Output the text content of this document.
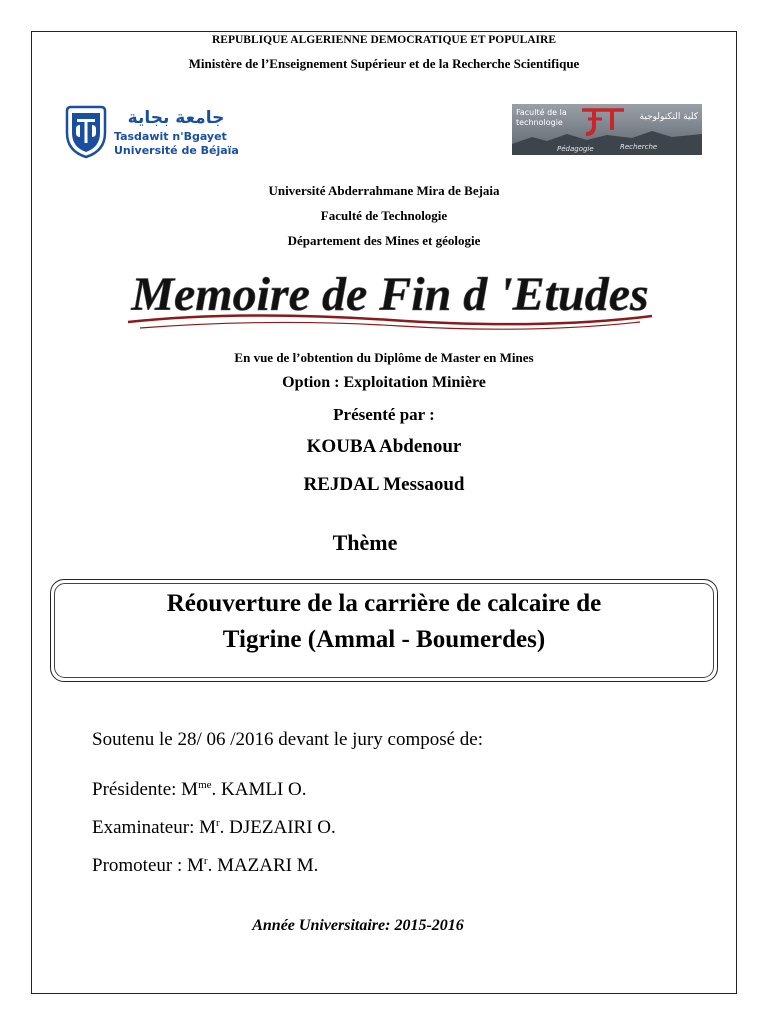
REPUBLIQUE ALGERIENNE DEMOCRATIQUE ET POPULAIRE
Ministère de l’Enseignement Supérieur et de la Recherche Scientifique
جامعة بجاية
Tasdawit n'Bgayet
Université de Béjaïa
Faculté de la
technologie
كلية التكنولوجية
Pédagogie	Recherche
Université Abderrahmane Mira de Bejaia
Faculté de Technologie
Département des Mines et géologie
Memoire de Fin d 'Etudes
En vue de l’obtention du Diplôme de Master en Mines
Option : Exploitation Minière
Présenté par :
KOUBA Abdenour
REJDAL Messaoud
Thème
Réouverture de la carrière de calcaire de
Tigrine (Ammal - Boumerdes)
Soutenu le 28/ 06 /2016 devant le jury composé de:
Présidente: $M^{me}$. KAMLI O.
Examinateur: $M^r$. DJEZAIRI O.
Promoteur : $M^r$. MAZARI M.
Année Universitaire: 2015-2016
